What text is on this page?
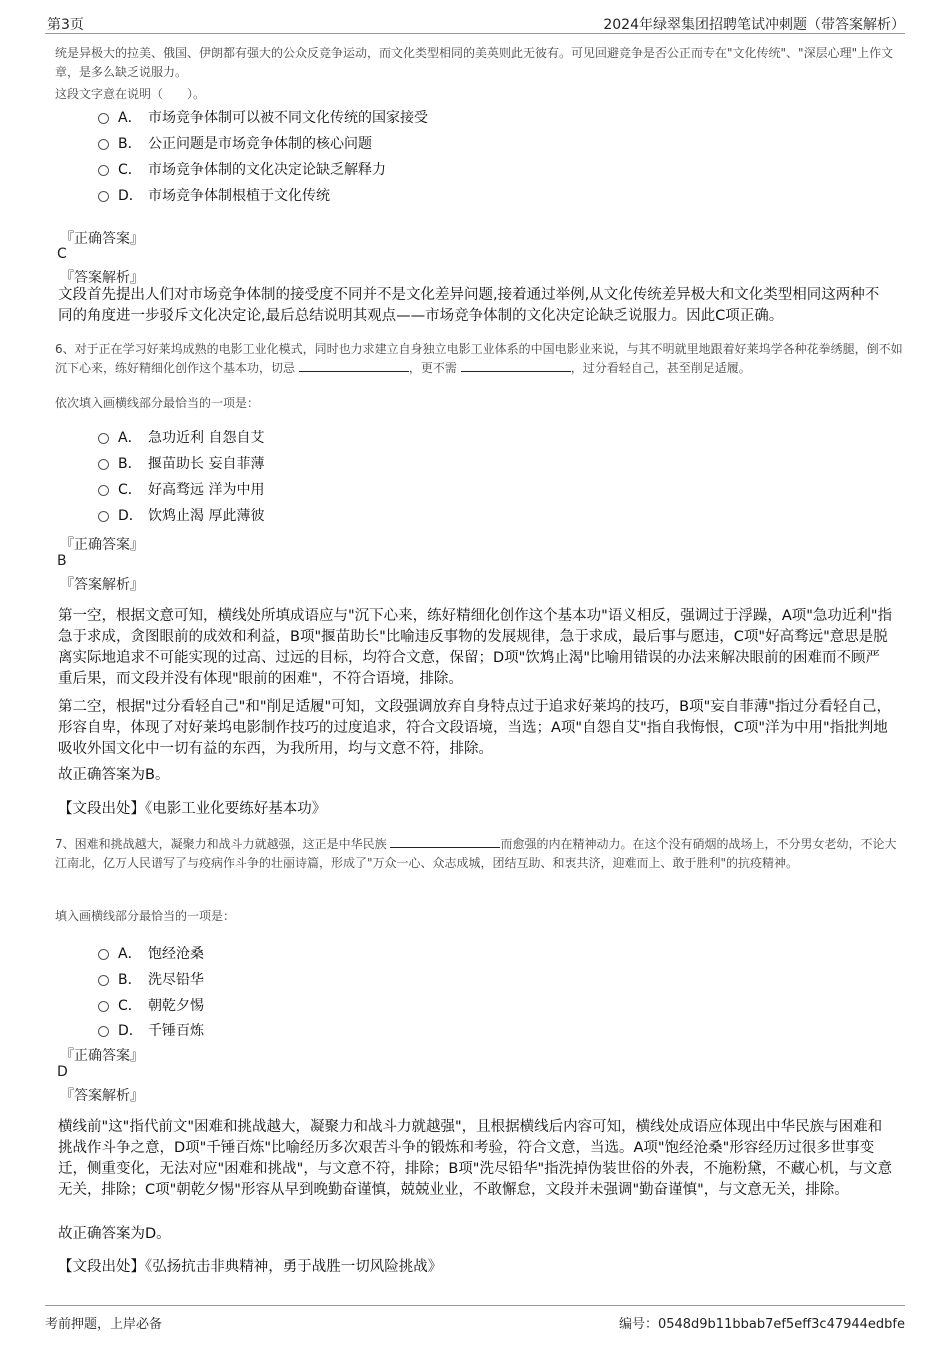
第3页	2024年绿翠集团招聘笔试冲刺题（带答案解析）
统是异极大的拉美、俄国、伊朗都有强大的公众反竞争运动，而文化类型相同的美英则此无彼有。可见回避竞争是否公正而专在"文化传统"、"深层心理"上作文章，是多么缺乏说服力。
这段文字意在说明（　　）。
A． 市场竞争体制可以被不同文化传统的国家接受
B． 公正问题是市场竞争体制的核心问题
C． 市场竞争体制的文化决定论缺乏解释力
D． 市场竞争体制根植于文化传统
『正确答案』
C
『答案解析』
文段首先提出人们对市场竞争体制的接受度不同并不是文化差异问题,接着通过举例,从文化传统差异极大和文化类型相同这两种不同的角度进一步驳斥文化决定论,最后总结说明其观点——市场竞争体制的文化决定论缺乏说服力。因此C项正确。
6、对于正在学习好莱坞成熟的电影工业化模式，同时也力求建立自身独立电影工业体系的中国电影业来说，与其不明就里地跟着好莱坞学各种花拳绣腿，倒不如沉下心来，练好精细化创作这个基本功，切忌	，更不需	，过分看轻自己，甚至削足适履。
依次填入画横线部分最恰当的一项是：
A． 急功近利 自怨自艾
B． 揠苗助长 妄自菲薄
C． 好高骛远 洋为中用
D． 饮鸩止渴 厚此薄彼
『正确答案』
B
『答案解析』
第一空，根据文意可知，横线处所填成语应与"沉下心来，练好精细化创作这个基本功"语义相反，强调过于浮躁，A项"急功近利"指急于求成，贪图眼前的成效和利益，B项"揠苗助长"比喻违反事物的发展规律，急于求成，最后事与愿违，C项"好高骛远"意思是脱离实际地追求不可能实现的过高、过远的目标，均符合文意，保留；D项"饮鸩止渴"比喻用错误的办法来解决眼前的困难而不顾严重后果，而文段并没有体现"眼前的困难"，不符合语境，排除。
第二空，根据"过分看轻自己"和"削足适履"可知，文段强调放弃自身特点过于追求好莱坞的技巧，B项"妄自菲薄"指过分看轻自己，形容自卑，体现了对好莱坞电影制作技巧的过度追求，符合文段语境，当选；A项"自怨自艾"指自我悔恨，C项"洋为中用"指批判地吸收外国文化中一切有益的东西，为我所用，均与文意不符，排除。
故正确答案为B。
【文段出处】《电影工业化要练好基本功》
7、困难和挑战越大，凝聚力和战斗力就越强，这正是中华民族	而愈强的内在精神动力。在这个没有硝烟的战场上，不分男女老幼，不论大江南北，亿万人民谱写了与疫病作斗争的壮丽诗篇，形成了"万众一心、众志成城，团结互助、和衷共济，迎难而上、敢于胜利"的抗疫精神。
填入画横线部分最恰当的一项是：
A． 饱经沧桑
B． 洗尽铅华
C． 朝乾夕惕
D． 千锤百炼
『正确答案』
D
『答案解析』
横线前"这"指代前文"困难和挑战越大，凝聚力和战斗力就越强"，且根据横线后内容可知，横线处成语应体现出中华民族与困难和挑战作斗争之意，D项"千锤百炼"比喻经历多次艰苦斗争的锻炼和考验，符合文意，当选。A项"饱经沧桑"形容经历过很多世事变迁，侧重变化，无法对应"困难和挑战"，与文意不符，排除；B项"洗尽铅华"指洗掉伪装世俗的外表，不施粉黛，不藏心机，与文意无关，排除；C项"朝乾夕惕"形容从早到晚勤奋谨慎，兢兢业业，不敢懈怠，文段并未强调"勤奋谨慎"，与文意无关，排除。
故正确答案为D。
【文段出处】《弘扬抗击非典精神，勇于战胜一切风险挑战》
考前押题，上岸必备	编号：0548d9b11bbab7ef5eff3c47944edbfe
